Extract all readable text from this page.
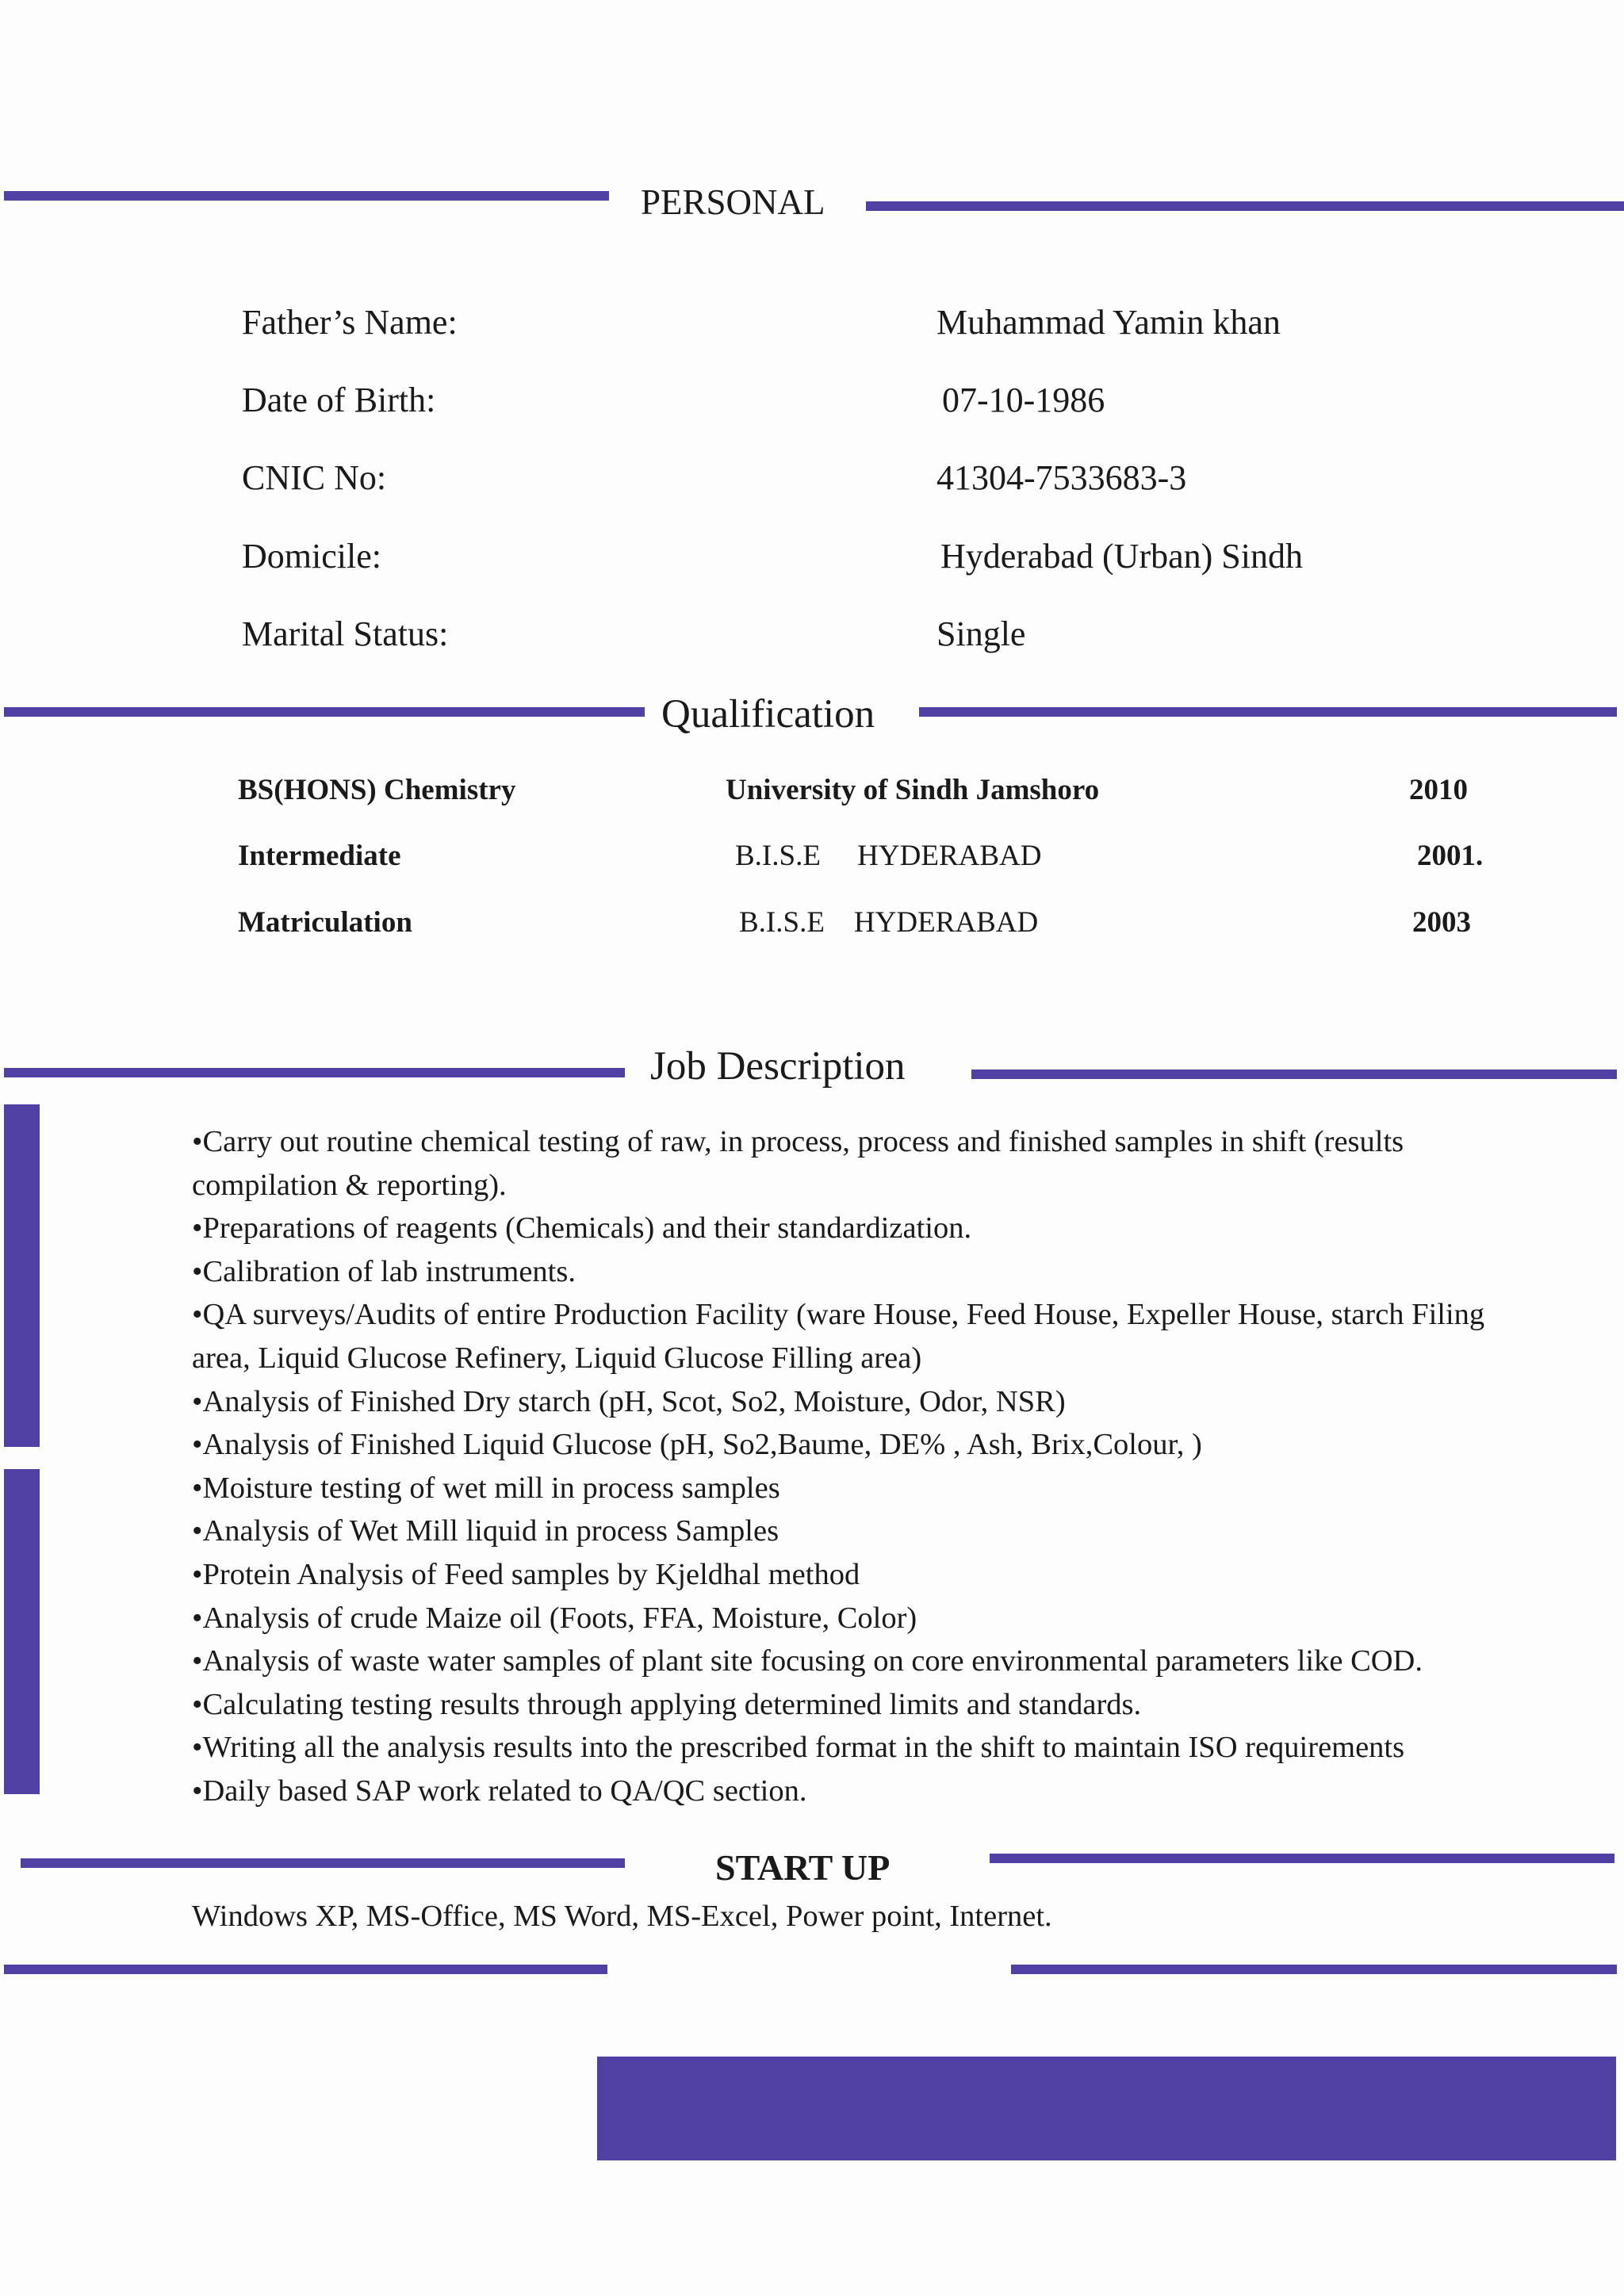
PERSONAL
Father’s Name:	Muhammad Yamin khan
Date of Birth:	07-10-1986
CNIC No:	41304-7533683-3
Domicile:	Hyderabad (Urban) Sindh
Marital Status:	Single
Qualification
BS(HONS) Chemistry	University of Sindh Jamshoro	2010
Intermediate	B.I.S.E     HYDERABAD	2001.
Matriculation	B.I.S.E    HYDERABAD	2003
Job Description
•Carry out routine chemical testing of raw, in process, process and finished samples in shift (results compilation & reporting).
•Preparations of reagents (Chemicals) and their standardization.
•Calibration of lab instruments.
•QA surveys/Audits of entire Production Facility (ware House, Feed House, Expeller House, starch Filing area, Liquid Glucose Refinery, Liquid Glucose Filling area)
•Analysis of Finished Dry starch (pH, Scot, So2, Moisture, Odor, NSR)
•Analysis of Finished Liquid Glucose (pH, So2,Baume, DE% , Ash, Brix,Colour, )
•Moisture testing of wet mill in process samples
•Analysis of Wet Mill liquid in process Samples
•Protein Analysis of Feed samples by Kjeldhal method
•Analysis of crude Maize oil (Foots, FFA, Moisture, Color)
•Analysis of waste water samples of plant site focusing on core environmental parameters like COD.
•Calculating testing results through applying determined limits and standards.
•Writing all the analysis results into the prescribed format in the shift to maintain ISO requirements
•Daily based SAP work related to QA/QC section.
START UP
Windows XP, MS-Office, MS Word, MS-Excel, Power point, Internet.
